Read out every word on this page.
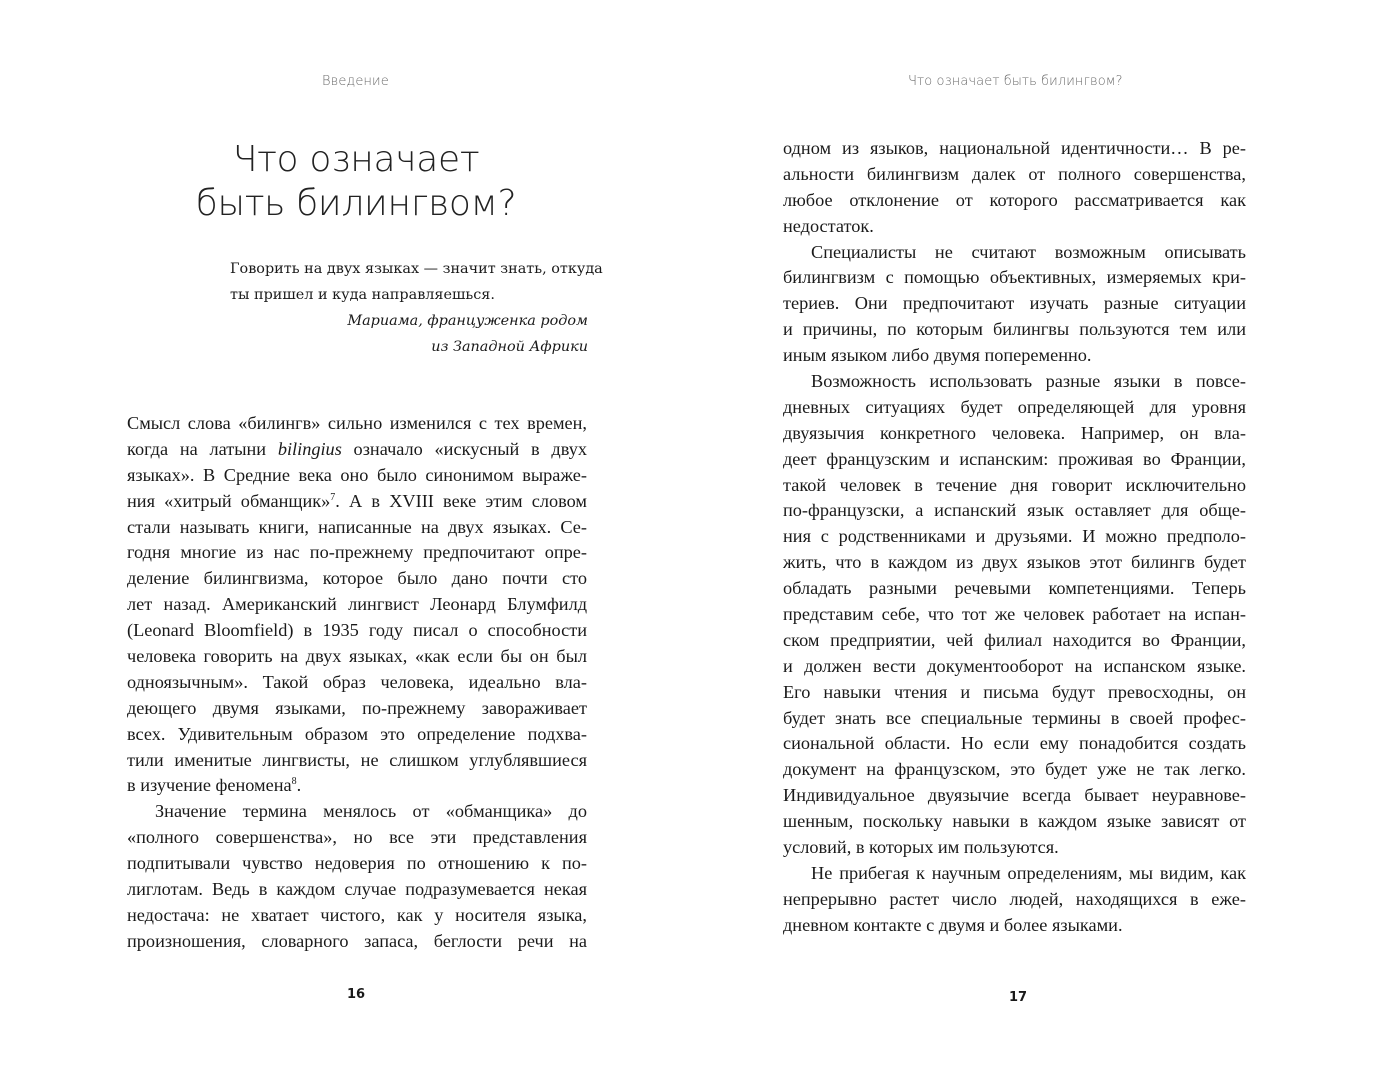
Введение
Что означает
быть билингвом?
Говорить на двух языках — значит знать, откуда
ты пришел и куда направляешься.
Мариама, француженка родом
из Западной Африки
Смысл слова «билингв» сильно изменился с тех времен,
когда на латыни bilingius означало «искусный в двух
языках». В Средние века оно было синонимом выраже-
ния «хитрый обманщик»$^7$. А в XVIII веке этим словом
стали называть книги, написанные на двух языках. Се-
годня многие из нас по-прежнему предпочитают опре-
деление билингвизма, которое было дано почти сто
лет назад. Американский лингвист Леонард Блумфилд
(Leonard Bloomfield) в 1935 году писал о способности
человека говорить на двух языках, «как если бы он был
одноязычным». Такой образ человека, идеально вла-
деющего двумя языками, по-прежнему завораживает
всех. Удивительным образом это определение подхва-
тили именитые лингвисты, не слишком углублявшиеся
в изучение феномена$^8$.
Значение термина менялось от «обманщика» до
«полного совершенства», но все эти представления
подпитывали чувство недоверия по отношению к по-
лиглотам. Ведь в каждом случае подразумевается некая
недостача: не хватает чистого, как у носителя языка,
произношения, словарного запаса, беглости речи на
16
Что означает быть билингвом?
одном из языков, национальной идентичности… В ре-
альности билингвизм далек от полного совершенства,
любое отклонение от которого рассматривается как
недостаток.
Специалисты не считают возможным описывать
билингвизм с помощью объективных, измеряемых кри-
териев. Они предпочитают изучать разные ситуации
и причины, по которым билингвы пользуются тем или
иным языком либо двумя попеременно.
Возможность использовать разные языки в повсе-
дневных ситуациях будет определяющей для уровня
двуязычия конкретного человека. Например, он вла-
деет французским и испанским: проживая во Франции,
такой человек в течение дня говорит исключительно
по-французски, а испанский язык оставляет для обще-
ния с родственниками и друзьями. И можно предполо-
жить, что в каждом из двух языков этот билингв будет
обладать разными речевыми компетенциями. Теперь
представим себе, что тот же человек работает на испан-
ском предприятии, чей филиал находится во Франции,
и должен вести документооборот на испанском языке.
Его навыки чтения и письма будут превосходны, он
будет знать все специальные термины в своей профес-
сиональной области. Но если ему понадобится создать
документ на французском, это будет уже не так легко.
Индивидуальное двуязычие всегда бывает неуравнове-
шенным, поскольку навыки в каждом языке зависят от
условий, в которых им пользуются.
Не прибегая к научным определениям, мы видим, как
непрерывно растет число людей, находящихся в еже-
дневном контакте с двумя и более языками.
17
